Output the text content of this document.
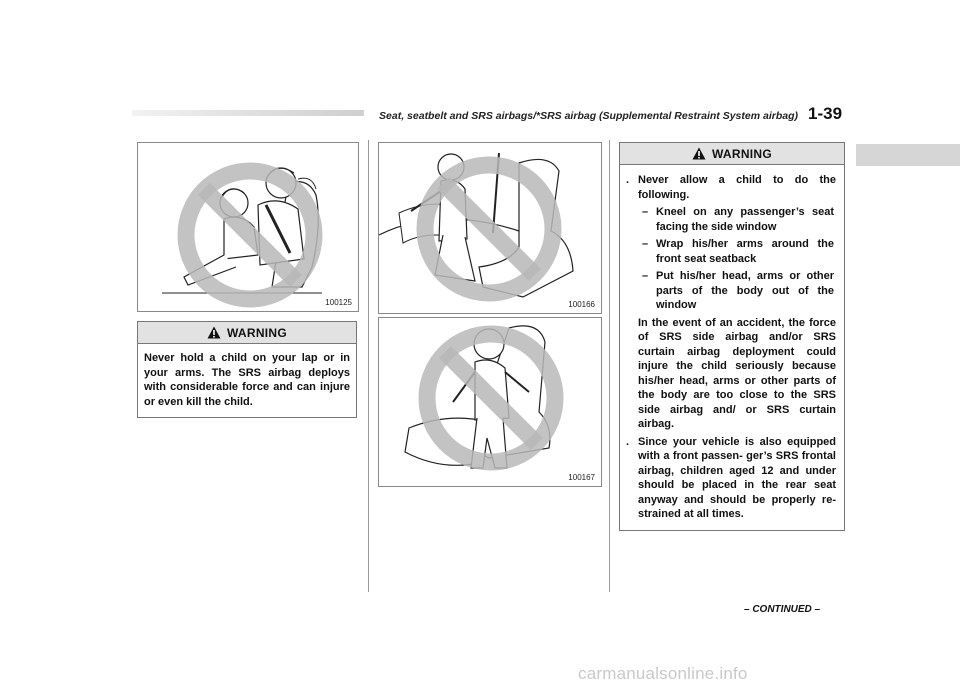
Seat, seatbelt and SRS airbags/*SRS airbag (Supplemental Restraint System airbag) 1-39
100125
WARNING
Never hold a child on your lap or in your arms. The SRS airbag deploys with considerable force and can injure or even kill the child.
100166
100167
WARNING
. Never allow a child to do the following.
– Kneel on any passenger’s seat facing the side window
– Wrap his/her arms around the front seat seatback
– Put his/her head, arms or other parts of the body out of the window
In the event of an accident, the force of SRS side airbag and/or SRS curtain airbag deployment could injure the child seriously because his/her head, arms or other parts of the body are too close to the SRS side airbag and/ or SRS curtain airbag.
. Since your vehicle is also equipped with a front passen- ger’s SRS frontal airbag, children aged 12 and under should be placed in the rear seat anyway and should be properly re- strained at all times.
– CONTINUED –
carmanualsonline.info
